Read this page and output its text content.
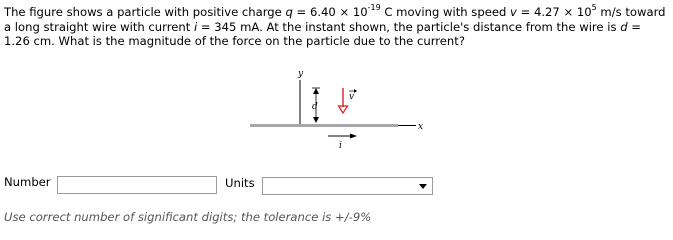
The figure shows a particle with positive charge $q = 6.40 \times 10^{-19}$ C moving with speed $v = 4.27 \times 10^5$ m/s toward a long straight wire with current i = 345 mA. At the instant shown, the particle's distance from the wire is d = 1.26 cm. What is the magnitude of the force on the particle due to the current?
y
d
x
v
i
Number	Units
Use correct number of significant digits; the tolerance is +/-9%
